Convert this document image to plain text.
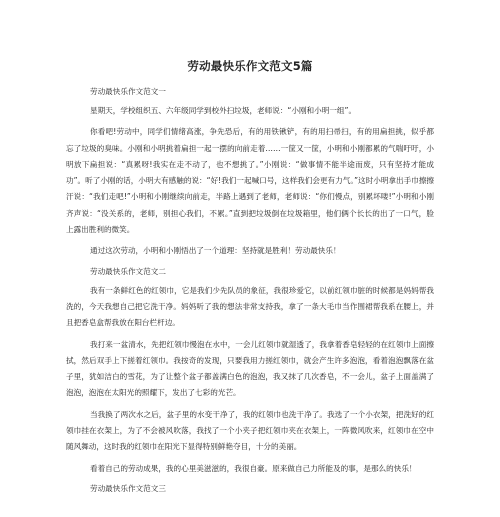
劳动最快乐作文范文5篇
劳动最快乐作文范文一

星期天，学校组织五、六年级同学到校外扫垃圾，老师说：“小刚和小明一组”。

你看吧!劳动中，同学们情绪高涨，争先恐后，有的用铁锹铲，有的用扫帚扫，有的用扁担挑，似乎都忘了垃圾的臭味。小刚和小明挑着扁担一起一摆的向前走着……一筐又一筐，小明和小刚都累的气喘吁吁，小明放下扁担说：“真累呀!我实在走不动了，也不想挑了。”小刚说：“做事情不能半途而废，只有坚持才能成功”。听了小刚的话，小明大有感触的说：“好!我们一起喊口号，这样我们会更有力气。”这时小明拿出手巾擦擦汗说：“我们走吧!”小明和小刚继续向前走，半路上遇到了老师，老师说：“你们慢点，别累坏喽!”小明和小刚齐声说：“没关系的，老师，别担心我们，不累。”直到把垃圾倒在垃圾箱里，他们俩个长长的出了一口气，脸上露出胜利的微笑。

通过这次劳动，小明和小刚悟出了一个道理：坚持就是胜利！劳动最快乐！

劳动最快乐作文范文二

我有一条鲜红色的红领巾，它是我们少先队员的象征，我很珍爱它，以前红领巾脏的时候都是妈妈帮我洗的，今天我想自己把它洗干净。妈妈听了我的想法非常支持我，拿了一条大毛巾当作围裙帮我系在腰上，并且把香皂盒帮我放在阳台栏杆边。

我打来一盆清水，先把红领巾慢泡在水中，一会儿红领巾就湿透了，我拿着香皂轻轻的在红领巾上面擦拭，然后双手上下搓着红领巾。我按奇的发现，只要我用力搓红领巾，就会产生许多泡泡，看着泡泡飘落在盆子里，犹如洁白的雪花，为了让整个盆子都盖满白色的泡泡，我又抹了几次香皂，不一会儿，盆子上面盖满了泡泡，泡泡在太阳光的照耀下，发出了七彩的光芒。

当我换了两次水之后，盆子里的水变干净了，我的红领巾也洗干净了。我选了一个小衣架，把洗好的红领巾挂在衣架上，为了不会被风吹落，我找了一个小夹子把红领巾夹在衣架上，一阵微风吹来，红领巾在空中随风舞动，这时我的红领巾在阳光下显得特别鲜艳夺目，十分的美丽。

看着自己的劳动成果，我的心里美滋滋的，我很自豪。原来做自己力所能及的事，是那么的快乐！

劳动最快乐作文范文三
